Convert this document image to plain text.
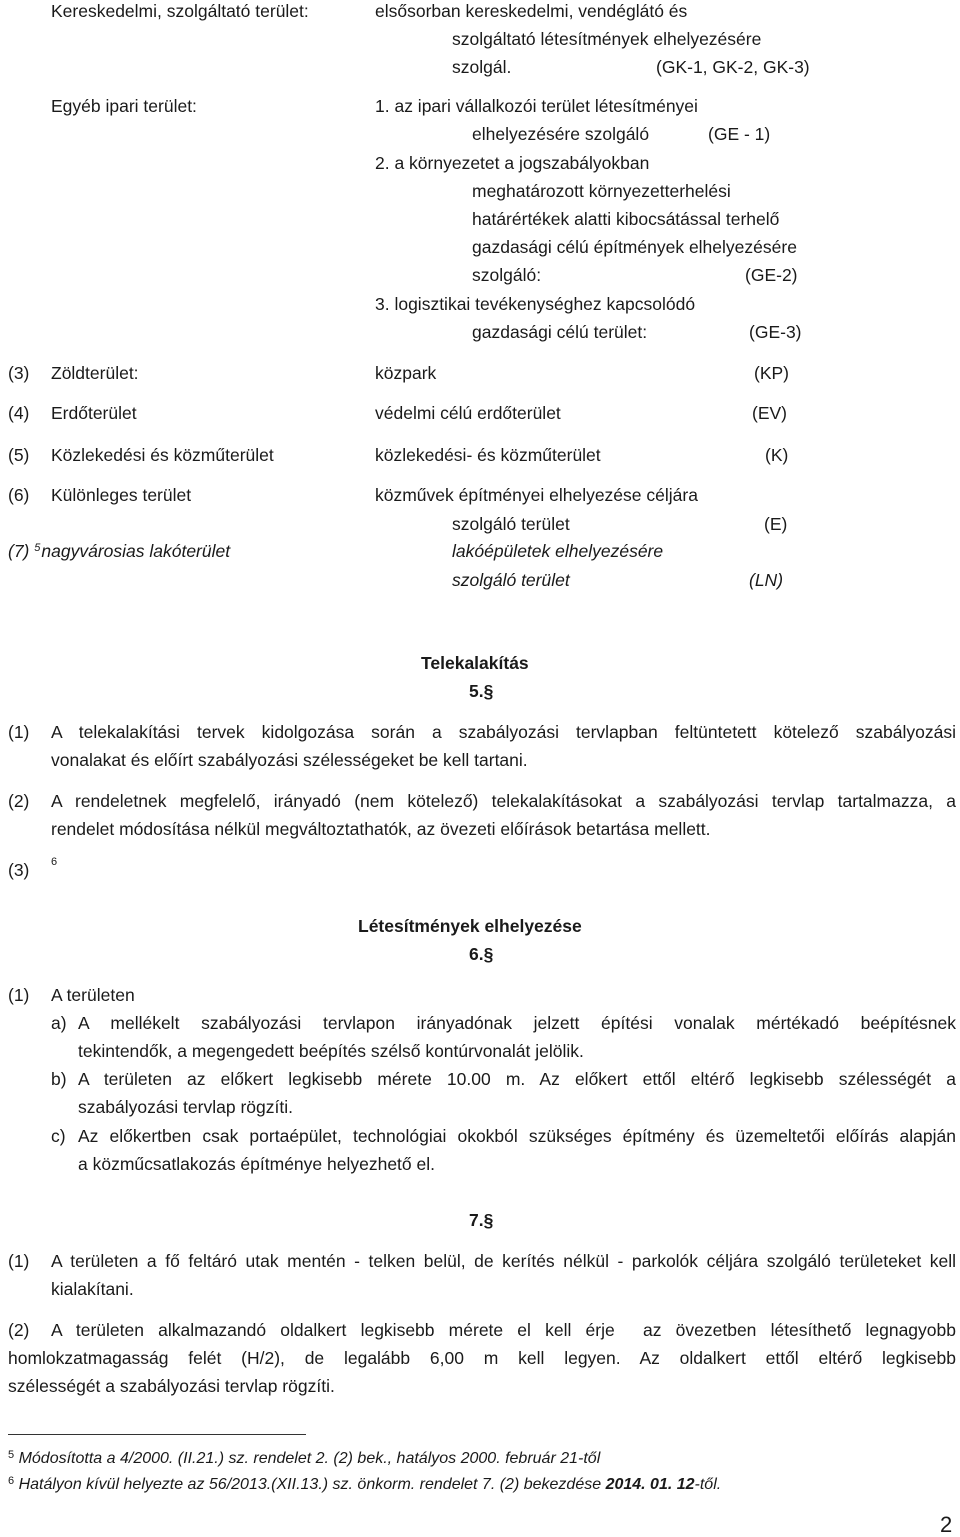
Kereskedelmi, szolgáltató terület:	elsősorban kereskedelmi, vendéglátó és
szolgáltató létesítmények elhelyezésére
szolgál.	(GK-1, GK-2, GK-3)
Egyéb ipari terület:	1. az ipari vállalkozói terület létesítményei
elhelyezésére szolgáló	(GE - 1)
2. a környezetet a jogszabályokban
meghatározott környezetterhelési
határértékek alatti kibocsátással terhelő
gazdasági célú építmények elhelyezésére
szolgáló:	(GE-2)
3. logisztikai tevékenységhez kapcsolódó
gazdasági célú terület:	(GE-3)
(3) Zöldterület:	közpark	(KP)
(4) Erdőterület	védelmi célú erdőterület	(EV)
(5) Közlekedési és közműterület	közlekedési- és közműterület	(K)
(6) Különleges terület	közművek építményei elhelyezése céljára
szolgáló terület	(E)
(7) $^5$nagyvárosias lakóterület	lakóépületek elhelyezésére
szolgáló terület	(LN)
Telekalakítás
5.§
(1) A telekalakítási tervek kidolgozása során a szabályozási tervlapban feltüntetett kötelező szabályozási
vonalakat és előírt szabályozási szélességeket be kell tartani.
(2) A rendeletnek megfelelő, irányadó (nem kötelező) telekalakításokat a szabályozási tervlap tartalmazza, a
rendelet módosítása nélkül megváltoztathatók, az övezeti előírások betartása mellett.
(3) 6
Létesítmények elhelyezése
6.§
(1) A területen
a) A mellékelt szabályozási tervlapon irányadónak jelzett építési vonalak mértékadó beépítésnek
tekintendők, a megengedett beépítés szélső kontúrvonalát jelölik.
b) A területen az előkert legkisebb mérete 10.00 m. Az előkert ettől eltérő legkisebb szélességét a
szabályozási tervlap rögzíti.
c) Az előkertben csak portaépület, technológiai okokból szükséges építmény és üzemeltetői előírás alapján
a közműcsatlakozás építménye helyezhető el.
7.§
(1) A területen a fő feltáró utak mentén - telken belül, de kerítés nélkül - parkolók céljára szolgáló területeket kell
kialakítani.
(2) A területen alkalmazandó oldalkert legkisebb mérete el kell érje  az övezetben létesíthető legnagyobb
homlokzatmagasság felét (H/2), de legalább 6,00 m kell legyen. Az oldalkert ettől eltérő legkisebb
szélességét a szabályozási tervlap rögzíti.
$^5$ Módosította a 4/2000. (II.21.) sz. rendelet 2. (2) bek., hatályos 2000. február 21-től
$^6$ Hatályon kívül helyezte az 56/2013.(XII.13.) sz. önkorm. rendelet 7. (2) bekezdése 2014. 01. 12-től.
2
